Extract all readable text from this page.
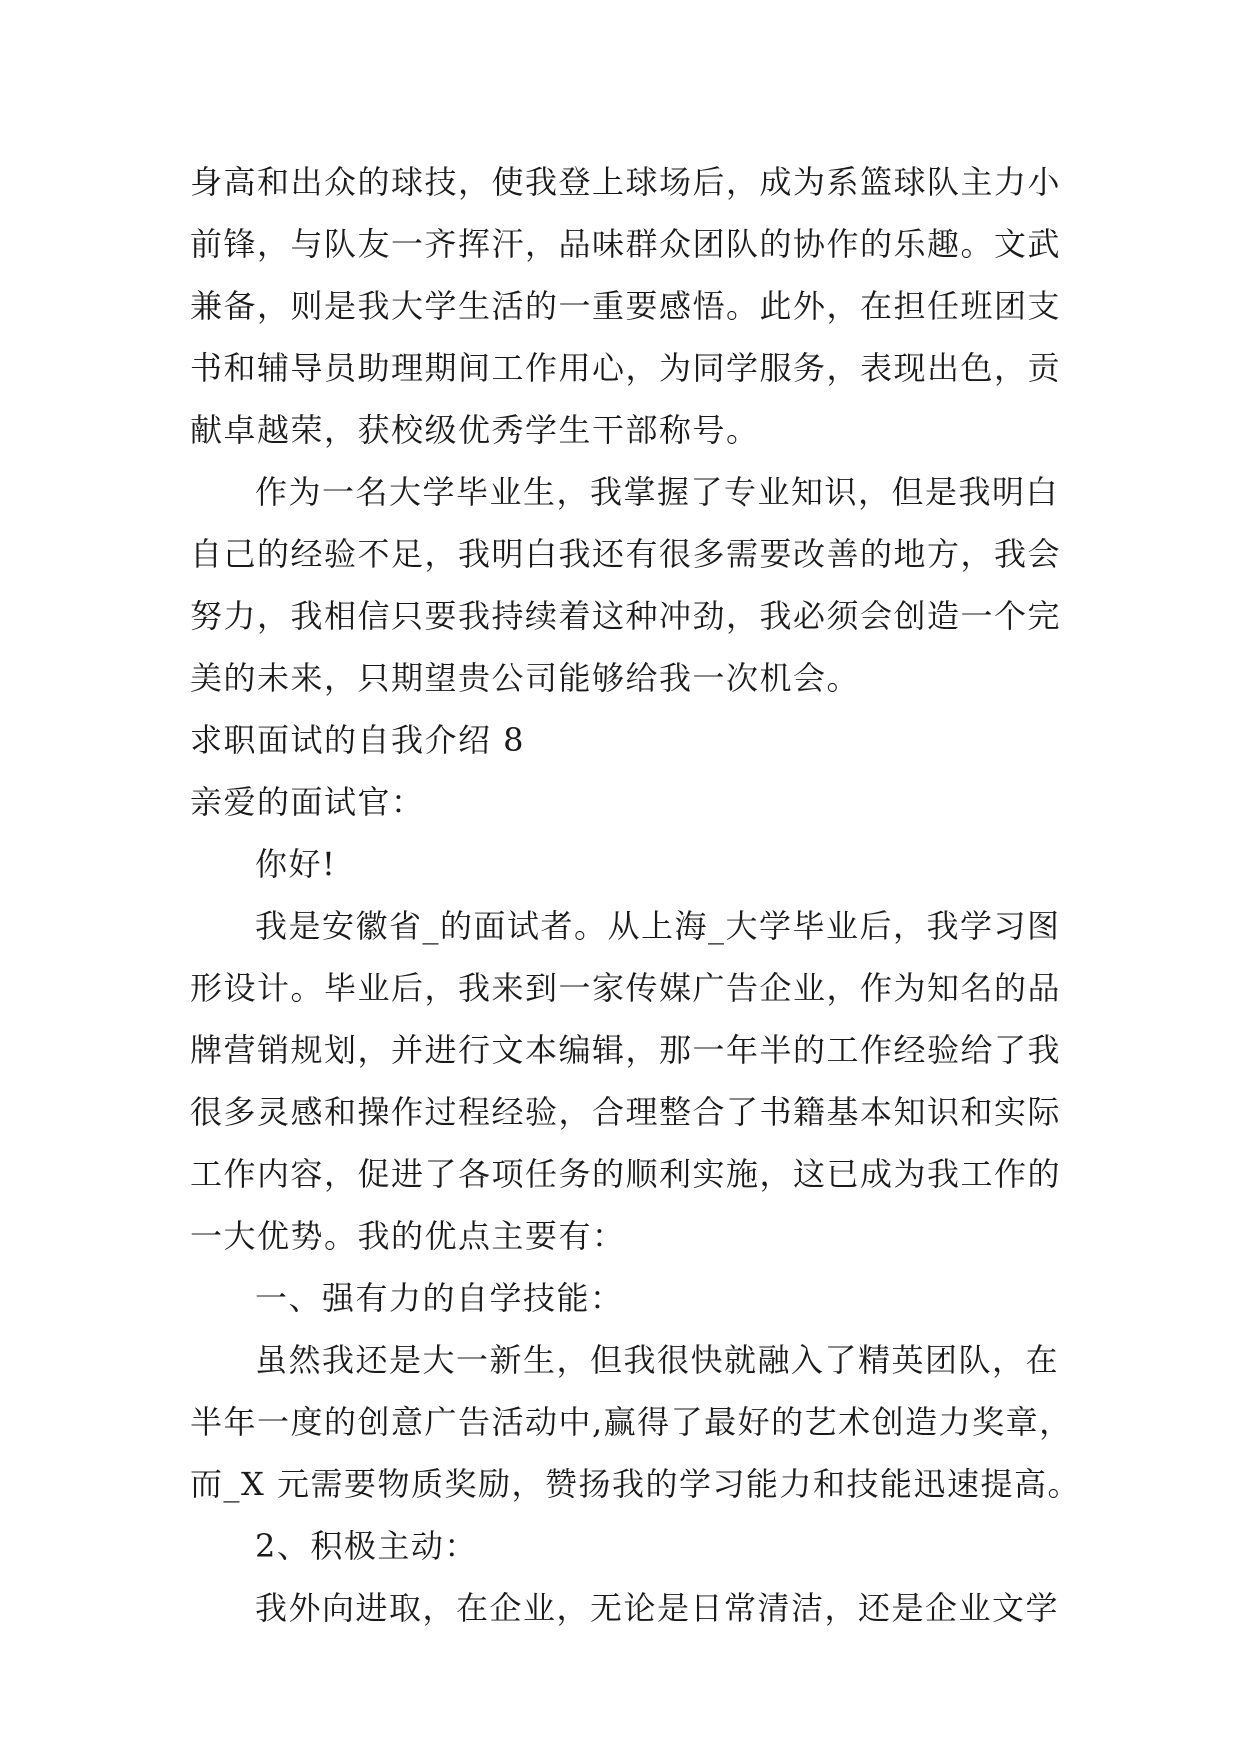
身高和出众的球技，使我登上球场后，成为系篮球队主力小
前锋，与队友一齐挥汗，品味群众团队的协作的乐趣。文武
兼备，则是我大学生活的一重要感悟。此外，在担任班团支
书和辅导员助理期间工作用心，为同学服务，表现出色，贡
献卓越荣，获校级优秀学生干部称号。
作为一名大学毕业生，我掌握了专业知识，但是我明白
自己的经验不足，我明白我还有很多需要改善的地方，我会
努力，我相信只要我持续着这种冲劲，我必须会创造一个完
美的未来，只期望贵公司能够给我一次机会。
求职面试的自我介绍 8
亲爱的面试官：
你好!
我是安徽省_的面试者。从上海_大学毕业后，我学习图
形设计。毕业后，我来到一家传媒广告企业，作为知名的品
牌营销规划，并进行文本编辑，那一年半的工作经验给了我
很多灵感和操作过程经验，合理整合了书籍基本知识和实际
工作内容，促进了各项任务的顺利实施，这已成为我工作的
一大优势。我的优点主要有：
一、强有力的自学技能：
虽然我还是大一新生，但我很快就融入了精英团队，在
半年一度的创意广告活动中,赢得了最好的艺术创造力奖章，
而_X 元需要物质奖励，赞扬我的学习能力和技能迅速提高。
2、积极主动：
我外向进取，在企业，无论是日常清洁，还是企业文学
